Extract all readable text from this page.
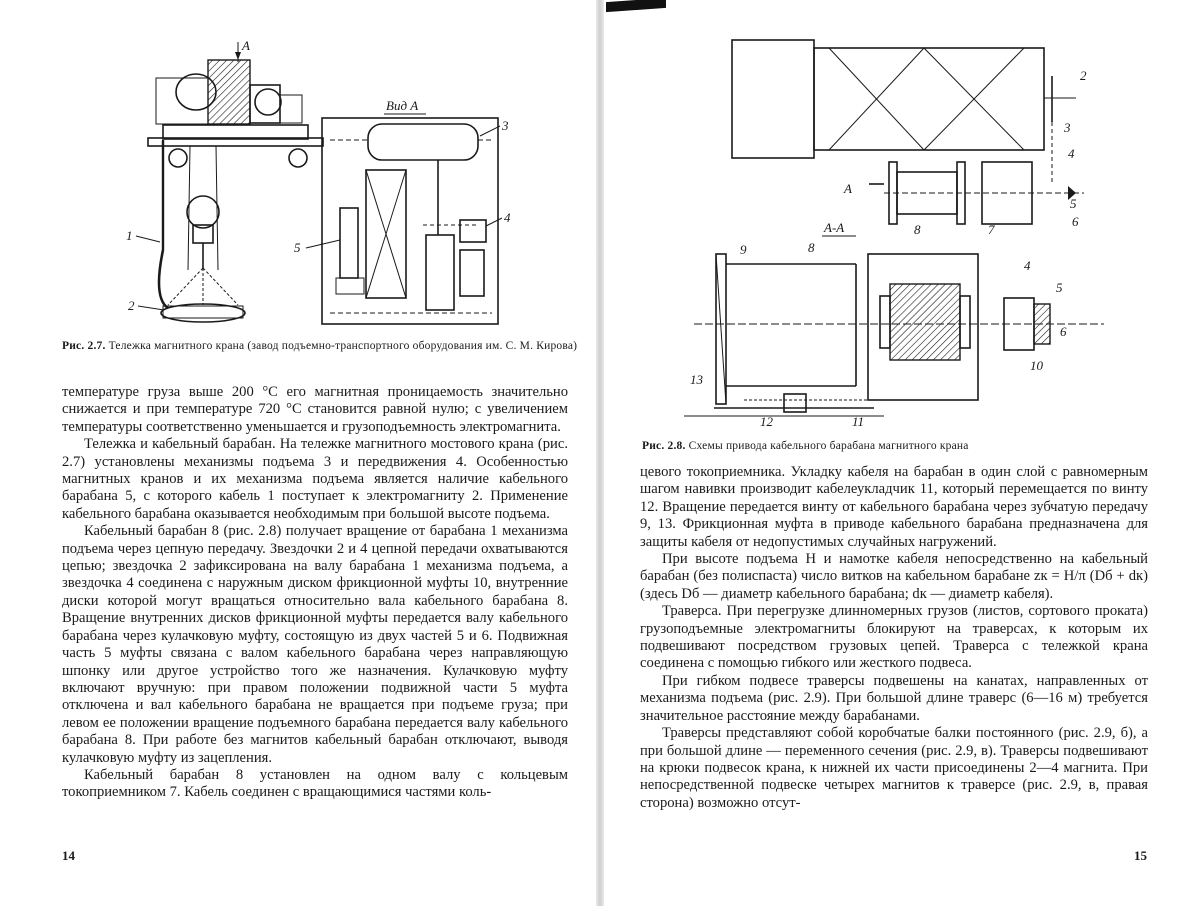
A
1
2
Вид А
3
4
5
Рис. 2.7. Тележка магнитного крана (завод подъемно-транспортного оборудования им. С. М. Кирова)

температуре груза выше 200 °С его магнитная проницаемость значительно снижается и при температуре 720 °С становится равной нулю; с увеличением температуры соответственно уменьшается и грузоподъемность электромагнита.

Тележка и кабельный барабан. На тележке магнитного мостового крана (рис. 2.7) установлены механизмы подъема 3 и передвижения 4. Особенностью магнитных кранов и их механизма подъема является наличие кабельного барабана 5, с которого кабель 1 поступает к электромагниту 2. Применение кабельного барабана оказывается необходимым при большой высоте подъема.

Кабельный барабан 8 (рис. 2.8) получает вращение от барабана 1 механизма подъема через цепную передачу. Звездочки 2 и 4 цепной передачи охватываются цепью; звездочка 2 зафиксирована на валу барабана 1 механизма подъема, а звездочка 4 соединена с наружным диском фрикционной муфты 10, внутренние диски которой могут вращаться относительно вала кабельного барабана 8. Вращение внутренних дисков фрикционной муфты передается валу кабельного барабана через кулачковую муфту, состоящую из двух частей 5 и 6. Подвижная часть 5 муфты связана с валом кабельного барабана через направляющую шпонку или другое устройство того же назначения. Кулачковую муфту включают вручную: при правом положении подвижной части 5 муфта отключена и вал кабельного барабана не вращается при подъеме груза; при левом ее положении вращение подъемного барабана передается валу кабельного барабана 8. При работе без магнитов кабельный барабан отключают, выводя кулачковую муфту из зацепления.

Кабельный барабан 8 установлен на одном валу с кольцевым токоприемником 7. Кабель соединен с вращающимися частями коль-

14
2
3
4
A
8	7
5
6
А-А
9	8
4
5
6
10
13
12	11
Рис. 2.8. Схемы привода кабельного барабана магнитного крана

цевого токоприемника. Укладку кабеля на барабан в один слой с равномерным шагом навивки производит кабелеукладчик 11, который перемещается по винту 12. Вращение передается винту от кабельного барабана через зубчатую передачу 9, 13. Фрикционная муфта в приводе кабельного барабана предназначена для защиты кабеля от недопустимых случайных нагружений.

При высоте подъема H и намотке кабеля непосредственно на кабельный барабан (без полиспаста) число витков на кабельном барабане zк = H/π (Dб + dк) (здесь Dб — диаметр кабельного барабана; dк — диаметр кабеля).

Траверса. При перегрузке длинномерных грузов (листов, сортового проката) грузоподъемные электромагниты блокируют на траверсах, к которым их подвешивают посредством грузовых цепей. Траверса с тележкой крана соединена с помощью гибкого или жесткого подвеса.

При гибком подвесе траверсы подвешены на канатах, направленных от механизма подъема (рис. 2.9). При большой длине траверс (6—16 м) требуется значительное расстояние между барабанами.

Траверсы представляют собой коробчатые балки постоянного (рис. 2.9, б), а при большой длине — переменного сечения (рис. 2.9, в). Траверсы подвешивают на крюки подвесок крана, к нижней их части присоединены 2—4 магнита. При непосредственной подвеске четырех магнитов к траверсе (рис. 2.9, в, правая сторона) возможно отсут-

15
